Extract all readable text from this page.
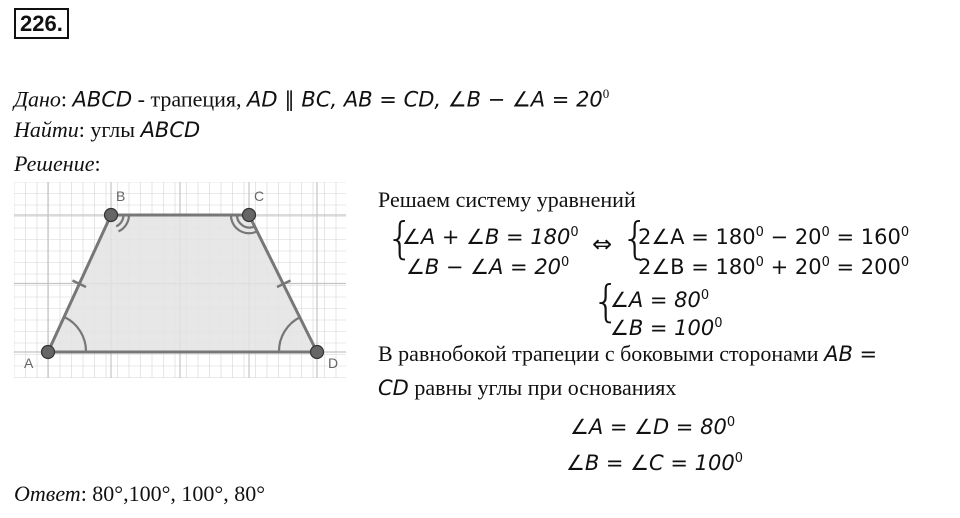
226.
Дано: ABCD - трапеция, AD ∥ BC, AB = CD, ∠B − ∠A = $20^0$
Найти: углы ABCD
Решение:
A
B	C
D
Решаем систему уравнений
{
∠A + ∠B = $180^0$
∠B − ∠A = $20^0$
⇔ {
2∠A = $180^0 - 20^0 = 160^0$
2∠B = $180^0 + 20^0 = 200^0$
{
∠A = $80^0$
∠B = $100^0$
В равнобокой трапеции с боковыми сторонами AB =
CD равны углы при основаниях
∠A = ∠D = $80^0$
∠B = ∠C = $100^0$
Ответ: 80°,100°, 100°, 80°
